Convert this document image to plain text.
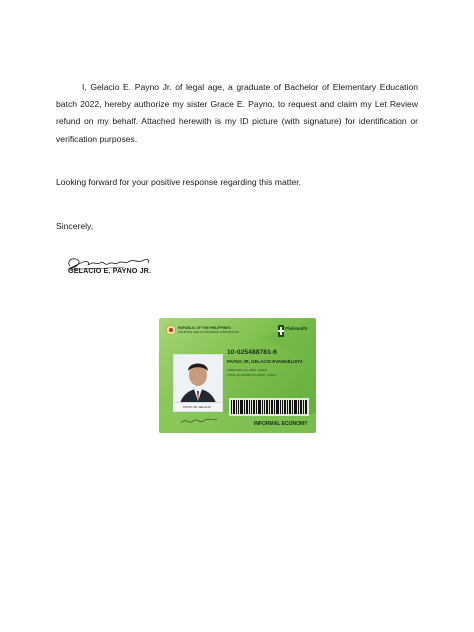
I, Gelacio E. Payno Jr. of legal age, a graduate of Bachelor of Elementary Education batch 2022, hereby authorize my sister Grace E. Payno, to request and claim my Let Review refund on my behalf. Attached herewith is my ID picture (with signature) for identification or verification purposes.
Looking forward for your positive response regarding this matter.
Sincerely,
GELACIO E. PAYNO JR.
REPUBLIC OF THE PHILIPPINES
PHILIPPINE HEALTH INSURANCE CORPORATION
PhilHealth
PAYNO JR, GELACIO
10-025488781-6
PAYNO JR, GELACIO EVANGELISTA
FEBRUARY 16, 2000 - MALE
ZONE 3P ROMBLON ROAD, ALBAY
INFORMAL ECONOMY
